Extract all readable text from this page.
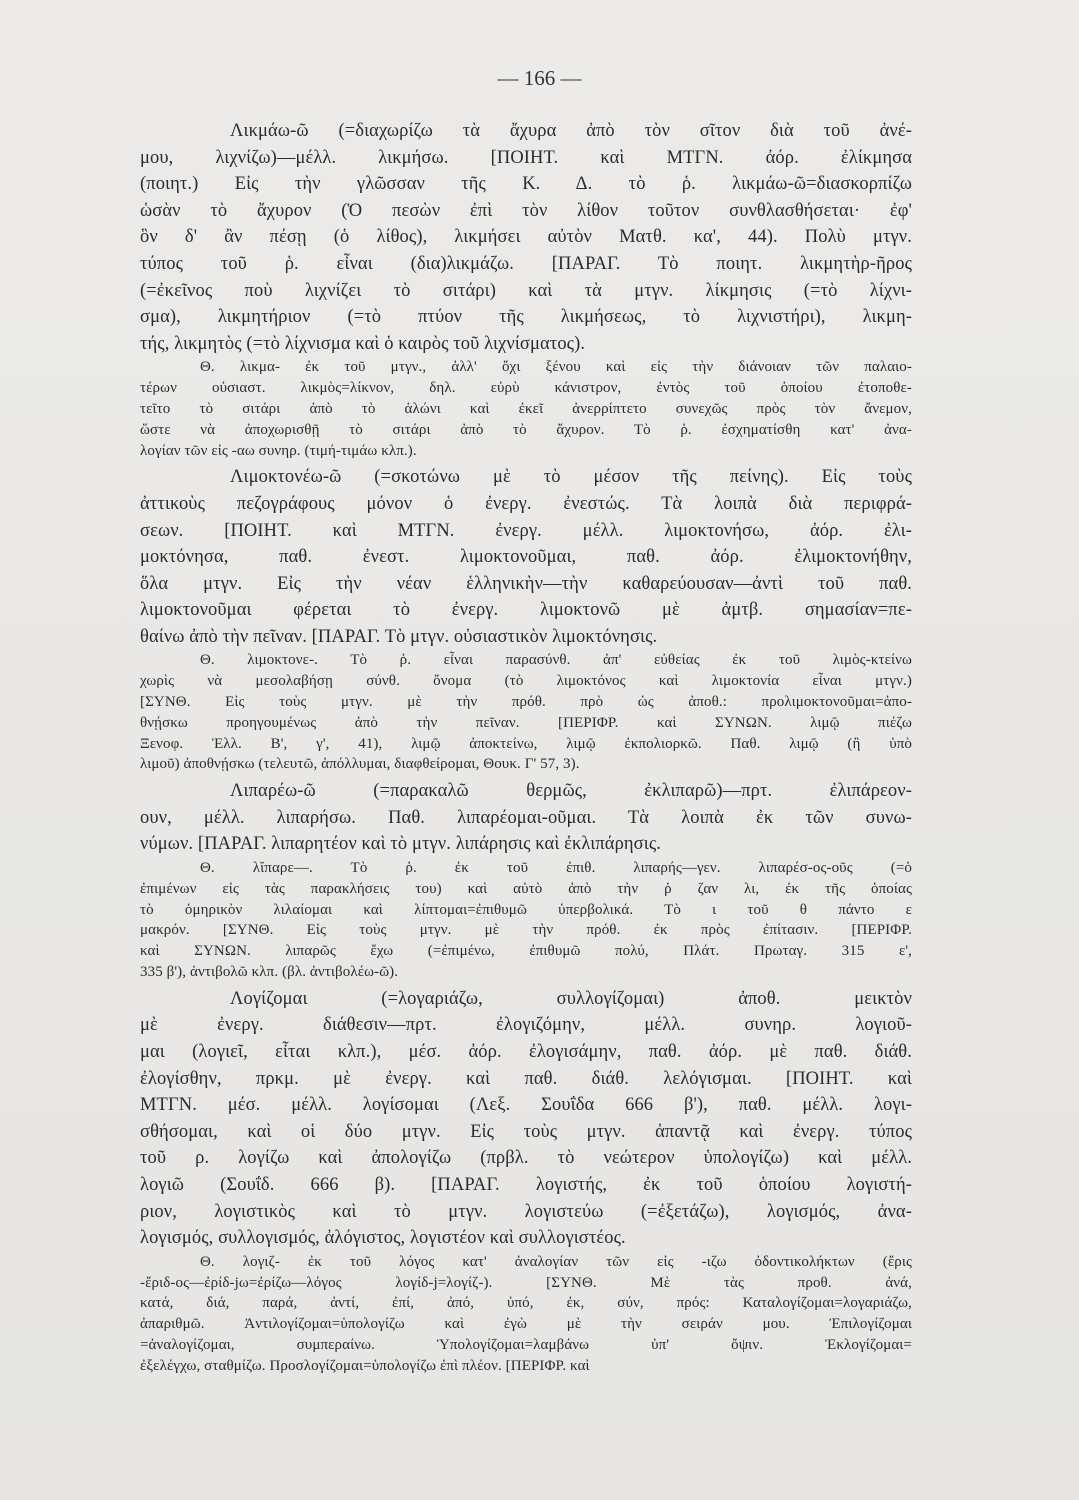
— 166 —
Λικμάω-ῶ (=διαχωρίζω τὰ ἄχυρα ἀπὸ τὸν σῖτον διὰ τοῦ ἀνέ-
μου, λιχνίζω)—μέλλ. λικμήσω. [ΠΟΙΗΤ. καὶ ΜΤΓΝ. ἀόρ. ἐλίκμησα
(ποιητ.) Εἰς τὴν γλῶσσαν τῆς Κ. Δ. τὸ ῥ. λικμάω-ῶ=διασκορπίζω
ὡσὰν τὸ ἄχυρον (Ὁ πεσὼν ἐπὶ τὸν λίθον τοῦτον συνθλασθήσεται· ἐφ'
ὃν δ' ἂν πέσῃ (ὁ λίθος), λικμήσει αὐτὸν Ματθ. κα', 44). Πολὺ μτγν.
τύπος τοῦ ῥ. εἶναι (δια)λικμάζω. [ΠΑΡΑΓ. Τὸ ποιητ. λικμητὴρ-ῆρος
(=ἐκεῖνος ποὺ λιχνίζει τὸ σιτάρι) καὶ τὰ μτγν. λίκμησις (=τὸ λίχνι-
σμα), λικμητήριον (=τὸ πτύον τῆς λικμήσεως, τὸ λιχνιστήρι), λικμη-
τής, λικμητὸς (=τὸ λίχνισμα καὶ ὁ καιρὸς τοῦ λιχνίσματος).
Θ. λικμα- ἐκ τοῦ μτγν., ἀλλ' ὄχι ξένου καὶ εἰς τὴν διάνοιαν τῶν παλαιο-
τέρων οὐσιαστ. λικμὸς=λίκνον, δηλ. εὐρὺ κάνιστρον, ἐντὸς τοῦ ὁποίου ἐτοποθε-
τεῖτο τὸ σιτάρι ἀπὸ τὸ ἁλώνι καὶ ἐκεῖ ἀνερρίπτετο συνεχῶς πρὸς τὸν ἄνεμον,
ὥστε νὰ ἀποχωρισθῇ τὸ σιτάρι ἀπὸ τὸ ἄχυρον. Τὸ ῥ. ἐσχηματίσθη κατ' ἀνα-
λογίαν τῶν εἰς -αω συνηρ. (τιμή-τιμάω κλπ.).
Λιμοκτονέω-ῶ (=σκοτώνω μὲ τὸ μέσον τῆς πείνης). Εἰς τοὺς
ἀττικοὺς πεζογράφους μόνον ὁ ἐνεργ. ἐνεστώς. Τὰ λοιπὰ διὰ περιφρά-
σεων. [ΠΟΙΗΤ. καὶ ΜΤΓΝ. ἐνεργ. μέλλ. λιμοκτονήσω, ἀόρ. ἐλι-
μοκτόνησα, παθ. ἐνεστ. λιμοκτονοῦμαι, παθ. ἀόρ. ἐλιμοκτονήθην,
ὅλα μτγν. Εἰς τὴν νέαν ἑλληνικὴν—τὴν καθαρεύουσαν—ἀντὶ τοῦ παθ.
λιμοκτονοῦμαι φέρεται τὸ ἐνεργ. λιμοκτονῶ μὲ ἀμτβ. σημασίαν=πε-
θαίνω ἀπὸ τὴν πεῖναν. [ΠΑΡΑΓ. Τὸ μτγν. οὐσιαστικὸν λιμοκτόνησις.
Θ. λιμοκτονε-. Τὸ ῥ. εἶναι παρασύνθ. ἀπ' εὐθείας ἐκ τοῦ λιμὸς-κτείνω
χωρὶς νὰ μεσολαβήσῃ σύνθ. ὄνομα (τὸ λιμοκτόνος καὶ λιμοκτονία εἶναι μτγν.)
[ΣΥΝΘ. Εἰς τοὺς μτγν. μὲ τὴν πρόθ. πρὸ ὡς ἀποθ.: προλιμοκτονοῦμαι=ἀπο-
θνῄσκω προηγουμένως ἀπὸ τὴν πεῖναν. [ΠΕΡΙΦΡ. καὶ ΣΥΝΩΝ. λιμῷ πιέζω
Ξενοφ. Ἑλλ. Β', γ', 41), λιμῷ ἀποκτείνω, λιμῷ ἐκπολιορκῶ. Παθ. λιμῷ (ἢ ὑπὸ
λιμοῦ) ἀποθνῄσκω (τελευτῶ, ἀπόλλυμαι, διαφθείρομαι, Θουκ. Γ' 57, 3).
Λιπαρέω-ῶ (=παρακαλῶ θερμῶς, ἐκλιπαρῶ)—πρτ. ἐλιπάρεον-
ουν, μέλλ. λιπαρήσω. Παθ. λιπαρέομαι-οῦμαι. Τὰ λοιπὰ ἐκ τῶν συνω-
νύμων. [ΠΑΡΑΓ. λιπαρητέον καὶ τὸ μτγν. λιπάρησις καὶ ἐκλιπάρησις.
Θ. λῐπαρε—. Τὸ ῥ. ἐκ τοῦ ἐπιθ. λιπαρής—γεν. λιπαρέσ-ος-οῦς (=ὁ
ἐπιμένων εἰς τὰς παρακλήσεις του) καὶ αὐτὸ ἀπὸ τὴν ῥ ζαν λι, ἐκ τῆς ὁποίας
τὸ ὁμηρικὸν λιλαίομαι καὶ λίπτομαι=ἐπιθυμῶ ὑπερβολικά. Τὸ ι τοῦ θ πάντο ε
μακρόν. [ΣΥΝΘ. Εἰς τοὺς μτγν. μὲ τὴν πρόθ. ἐκ πρὸς ἐπίτασιν. [ΠΕΡΙΦΡ.
καὶ ΣΥΝΩΝ. λιπαρῶς ἔχω (=ἐπιμένω, ἐπιθυμῶ πολύ, Πλάτ. Πρωταγ. 315 ε',
335 β'), ἀντιβολῶ κλπ. (βλ. ἀντιβολέω-ῶ).
Λογίζομαι (=λογαριάζω, συλλογίζομαι) ἀποθ. μεικτὸν
μὲ ἐνεργ. διάθεσιν—πρτ. ἐλογιζόμην, μέλλ. συνηρ. λογιοῦ-
μαι (λογιεῖ, εἶται κλπ.), μέσ. ἀόρ. ἐλογισάμην, παθ. ἀόρ. μὲ παθ. διάθ.
ἐλογίσθην, πρκμ. μὲ ἐνεργ. καὶ παθ. διάθ. λελόγισμαι. [ΠΟΙΗΤ. καὶ
ΜΤΓΝ. μέσ. μέλλ. λογίσομαι (Λεξ. Σουΐδα 666 β'), παθ. μέλλ. λογι-
σθήσομαι, καὶ οἱ δύο μτγν. Εἰς τοὺς μτγν. ἀπαντᾷ καὶ ἐνεργ. τύπος
τοῦ ρ. λογίζω καὶ ἀπολογίζω (πρβλ. τὸ νεώτερον ὑπολογίζω) καὶ μέλλ.
λογιῶ (Σουΐδ. 666 β). [ΠΑΡΑΓ. λογιστής, ἐκ τοῦ ὁποίου λογιστή-
ριον, λογιστικὸς καὶ τὸ μτγν. λογιστεύω (=ἐξετάζω), λογισμός, ἀνα-
λογισμός, συλλογισμός, ἀλόγιστος, λογιστέον καὶ συλλογιστέος.
Θ. λογιζ- ἐκ τοῦ λόγος κατ' ἀναλογίαν τῶν εἰς -ιζω ὀδοντικολήκτων (ἔρις
-ἔριδ-ος—ἐρίδ-jω=ἐρίζω—λόγος λογίδ-j=λογίζ-). [ΣΥΝΘ. Μὲ τὰς προθ. ἀνά,
κατά, διά, παρά, ἀντί, ἐπί, ἀπό, ὑπό, ἐκ, σύν, πρός: Καταλογίζομαι=λογαριάζω,
ἀπαριθμῶ. Ἀντιλογίζομαι=ὑπολογίζω καὶ ἐγὼ μὲ τὴν σειράν μου. Ἐπιλογίζομαι
=ἀναλογίζομαι, συμπεραίνω. Ὑπολογίζομαι=λαμβάνω ὑπ' ὄψιν. Ἐκλογίζομαι=
ἐξελέγχω, σταθμίζω. Προσλογίζομαι=ὑπολογίζω ἐπὶ πλέον. [ΠΕΡΙΦΡ. καὶ
